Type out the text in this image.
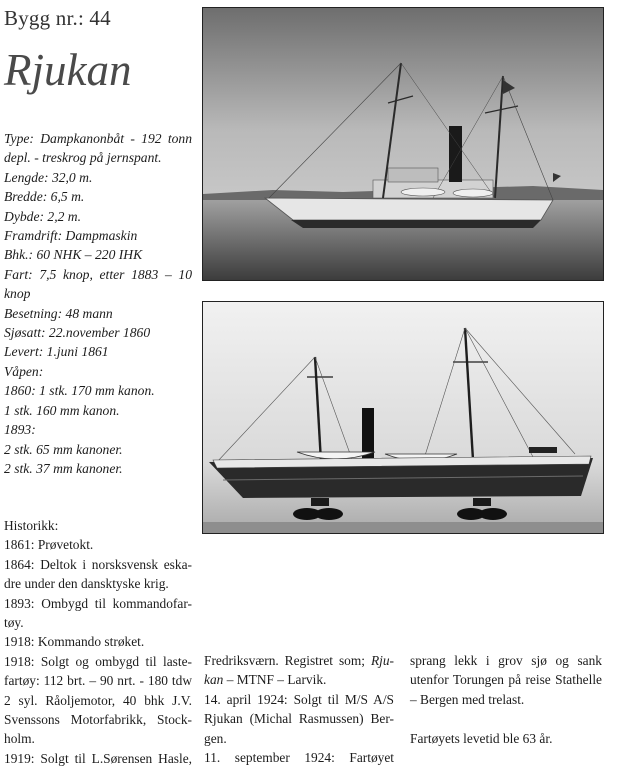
Bygg nr.: 44
Rjukan
Type: Dampkanonbåt - 192 tonn
depl. - treskrog på jernspant.
Lengde: 32,0 m.
Bredde: 6,5 m.
Dybde: 2,2 m.
Framdrift: Dampmaskin
Bhk.: 60 NHK – 220 IHK
Fart: 7,5 knop, etter 1883 – 10
knop
Besetning: 48 mann
Sjøsatt: 22.november 1860
Levert: 1.juni 1861
Våpen:
1860: 1 stk. 170 mm kanon.
1 stk. 160 mm kanon.
1893:
2 stk. 65 mm kanoner.
2 stk. 37 mm kanoner.
Historikk:
1861: Prøvetokt.
1864: Deltok i norsksvensk eska-
dre under den dansktyske krig.
1893: Ombygd til kommandofar-
tøy.
1918: Kommando strøket.
1918: Solgt og ombygd til laste-
fartøy: 112 brt. – 90 nrt. - 180 tdw
2 syl. Råoljemotor, 40 bhk J.V.
Svenssons Motorfabrikk, Stock-
holm.
1919: Solgt til L.Sørensen Hasle,
Fredriksværn. Registret som; Rju-
kan – MTNF – Larvik.
14. april 1924: Solgt til M/S A/S
Rjukan (Michal Rasmussen) Ber-
gen.
11. september 1924: Fartøyet
sprang lekk i grov sjø og sank
utenfor Torungen på reise Stathelle
– Bergen med trelast.
Fartøyets levetid ble 63 år.
